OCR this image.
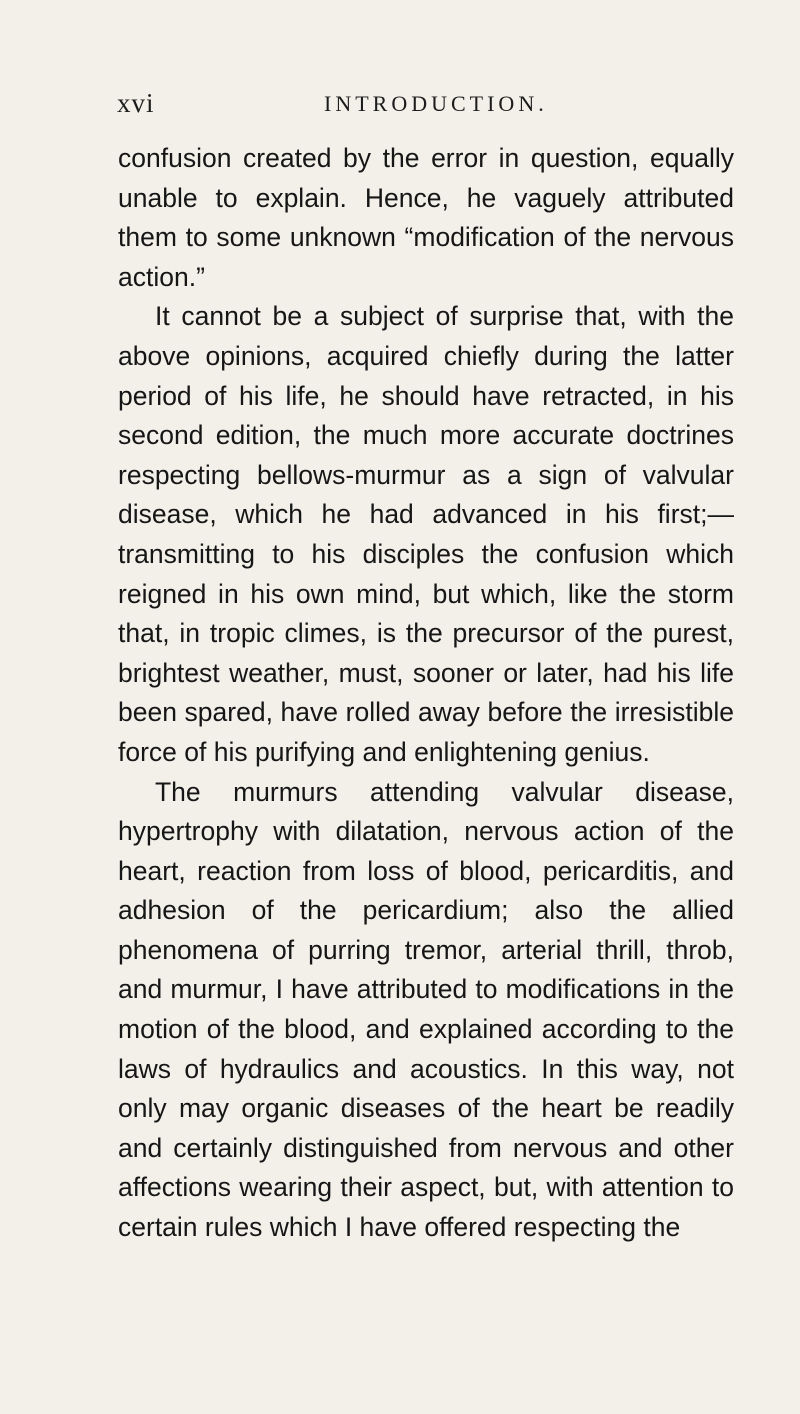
xvi	INTRODUCTION.

confusion created by the error in question, equally unable to explain. Hence, he vaguely attributed them to some unknown “modification of the nervous action.”

It cannot be a subject of surprise that, with the above opinions, acquired chiefly during the latter period of his life, he should have retracted, in his second edition, the much more accurate doctrines respecting bellows-murmur as a sign of valvular disease, which he had advanced in his first;—transmitting to his disciples the confusion which reigned in his own mind, but which, like the storm that, in tropic climes, is the precursor of the purest, brightest weather, must, sooner or later, had his life been spared, have rolled away before the irresistible force of his purifying and enlightening genius.

The murmurs attending valvular disease, hypertrophy with dilatation, nervous action of the heart, reaction from loss of blood, pericarditis, and adhesion of the pericardium; also the allied phenomena of purring tremor, arterial thrill, throb, and murmur, I have attributed to modifications in the motion of the blood, and explained according to the laws of hydraulics and acoustics. In this way, not only may organic diseases of the heart be readily and certainly distinguished from nervous and other affections wearing their aspect, but, with attention to certain rules which I have offered respecting the
